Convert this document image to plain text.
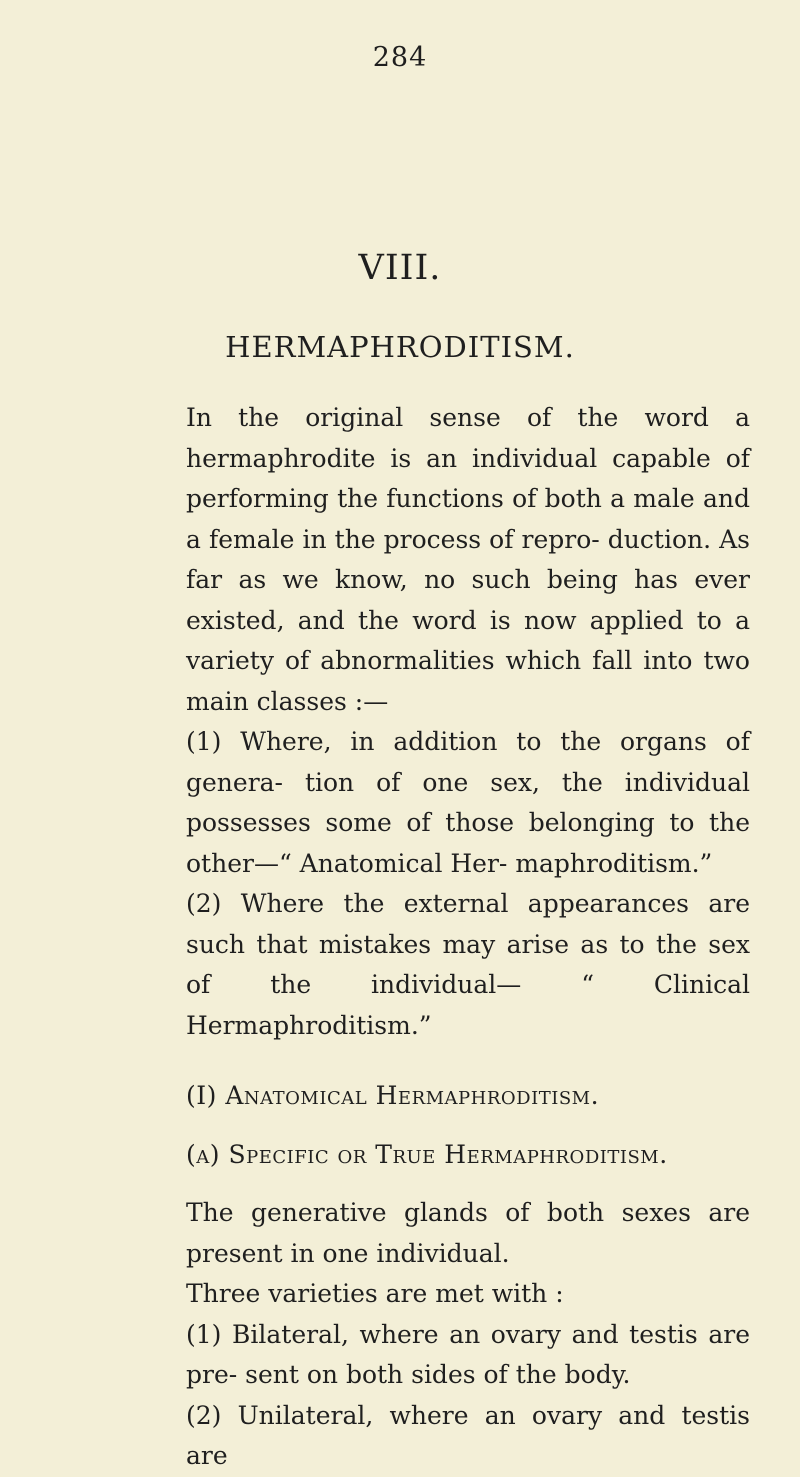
284
VIII.
HERMAPHRODITISM.

In the original sense of the word a hermaphrodite is an individual capable of performing the functions of both a male and a female in the process of repro- duction. As far as we know, no such being has ever existed, and the word is now applied to a variety of abnormalities which fall into two main classes :—

(1) Where, in addition to the organs of genera- tion of one sex, the individual possesses some of those belonging to the other—“ Anatomical Her- maphroditism.”

(2) Where the external appearances are such that mistakes may arise as to the sex of the individual— “ Clinical Hermaphroditism.”

(I) Anatomical Hermaphroditism.

(a) Specific or True Hermaphroditism.

The generative glands of both sexes are present in one individual.

Three varieties are met with :

(1) Bilateral, where an ovary and testis are pre- sent on both sides of the body.

(2) Unilateral, where an ovary and testis are
